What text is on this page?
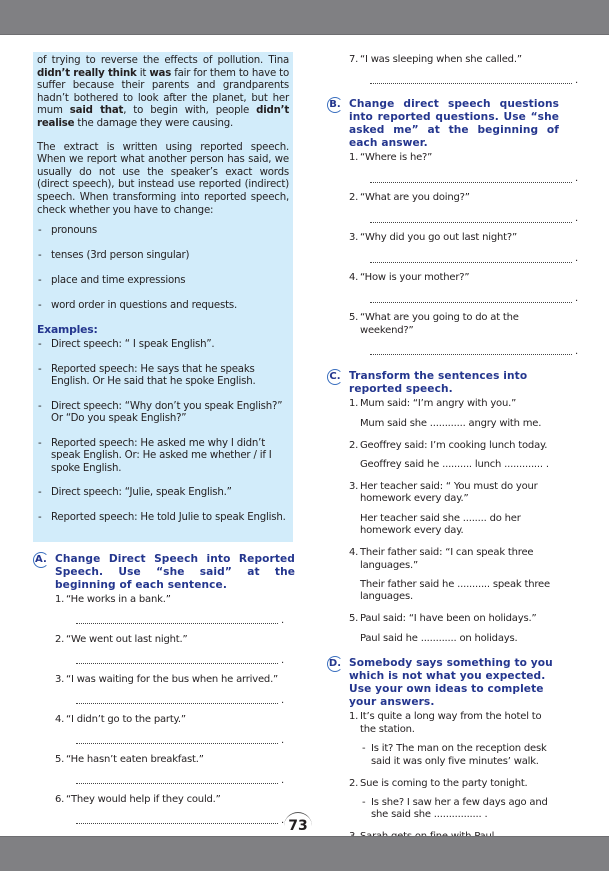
of trying to reverse the effects of pollution. Tina didn’t really think it was fair for them to have to suffer because their parents and grandparents hadn’t bothered to look after the planet, but her mum said that, to begin with, people didn’t realise the damage they were causing.

The extract is written using reported speech. When we report what another person has said, we usually do not use the speaker’s exact words (direct speech), but instead use reported (indirect) speech. When transforming into reported speech, check whether you have to change:

- pronouns
- tenses (3rd person singular)
- place and time expressions
- word order in questions and requests.
Examples:
- Direct speech: “ I speak English”.
- Reported speech: He says that he speaks English. Or He said that he spoke English.
- Direct speech: “Why don’t you speak English?” Or “Do you speak English?”
- Reported speech: He asked me why I didn’t speak English. Or: He asked me whether / if I spoke English.
- Direct speech: “Julie, speak English.”
- Reported speech: He told Julie to speak English.
A. Change Direct Speech into Reported Speech. Use “she said” at the beginning of each sentence.
1. “He works in a bank.”
.
2. “We went out last night.”
.
3. “I was waiting for the bus when he arrived.”
.
4. “I didn’t go to the party.”
.
5. “He hasn’t eaten breakfast.”
.
6. “They would help if they could.”
.
7. “I was sleeping when she called.”
.
B. Change direct speech questions into reported questions. Use “she asked me” at the beginning of each answer.
1. “Where is he?”
.
2. “What are you doing?”
.
3. “Why did you go out last night?”
.
4. “How is your mother?”
.
5. “What are you going to do at the weekend?”
.
C. Transform the sentences into reported speech.
1. Mum said: “I’m angry with you.”
Mum said she ............ angry with me.
2. Geoffrey said: I’m cooking lunch today.
Geoffrey said he .......... lunch ............. .
3. Her teacher said: “ You must do your homework every day.”
Her teacher said she ........ do her homework every day.
4. Their father said: “I can speak three languages.”
Their father said he ........... speak three languages.
5. Paul said: “I have been on holidays.”
Paul said he ............ on holidays.
D. Somebody says something to you which is not what you expected. Use your own ideas to complete your answers.
1. It’s quite a long way from the hotel to the station.
- Is it? The man on the reception desk said it was only five minutes’ walk.
2. Sue is coming to the party tonight.
- Is she? I saw her a few days ago and she said she ................ .
73
